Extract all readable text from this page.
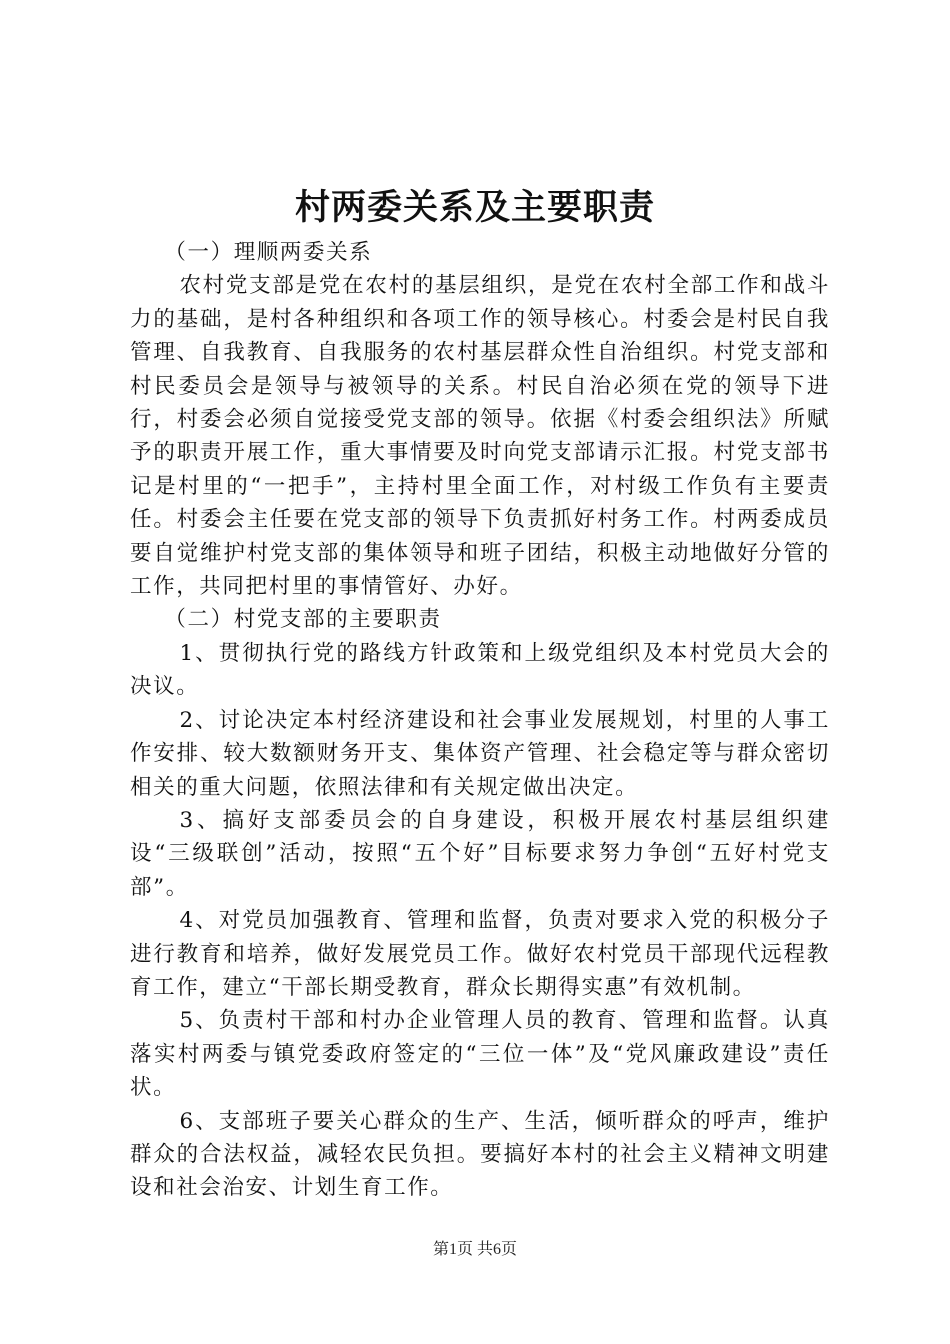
村两委关系及主要职责

（一）理顺两委关系

农村党支部是党在农村的基层组织，是党在农村全部工作和战斗力的基础，是村各种组织和各项工作的领导核心。村委会是村民自我管理、自我教育、自我服务的农村基层群众性自治组织。村党支部和村民委员会是领导与被领导的关系。村民自治必须在党的领导下进行，村委会必须自觉接受党支部的领导。依据《村委会组织法》所赋予的职责开展工作，重大事情要及时向党支部请示汇报。村党支部书记是村里的“一把手”，主持村里全面工作，对村级工作负有主要责任。村委会主任要在党支部的领导下负责抓好村务工作。村两委成员要自觉维护村党支部的集体领导和班子团结，积极主动地做好分管的工作，共同把村里的事情管好、办好。

（二）村党支部的主要职责

1、贯彻执行党的路线方针政策和上级党组织及本村党员大会的决议。

2、讨论决定本村经济建设和社会事业发展规划，村里的人事工作安排、较大数额财务开支、集体资产管理、社会稳定等与群众密切相关的重大问题，依照法律和有关规定做出决定。

3、搞好支部委员会的自身建设，积极开展农村基层组织建设“三级联创”活动，按照“五个好”目标要求努力争创“五好村党支部”。

4、对党员加强教育、管理和监督，负责对要求入党的积极分子进行教育和培养，做好发展党员工作。做好农村党员干部现代远程教育工作，建立“干部长期受教育，群众长期得实惠”有效机制。

5、负责村干部和村办企业管理人员的教育、管理和监督。认真落实村两委与镇党委政府签定的“三位一体”及“党风廉政建设”责任状。

6、支部班子要关心群众的生产、生活，倾听群众的呼声，维护群众的合法权益，减轻农民负担。要搞好本村的社会主义精神文明建设和社会治安、计划生育工作。

第1页 共6页
